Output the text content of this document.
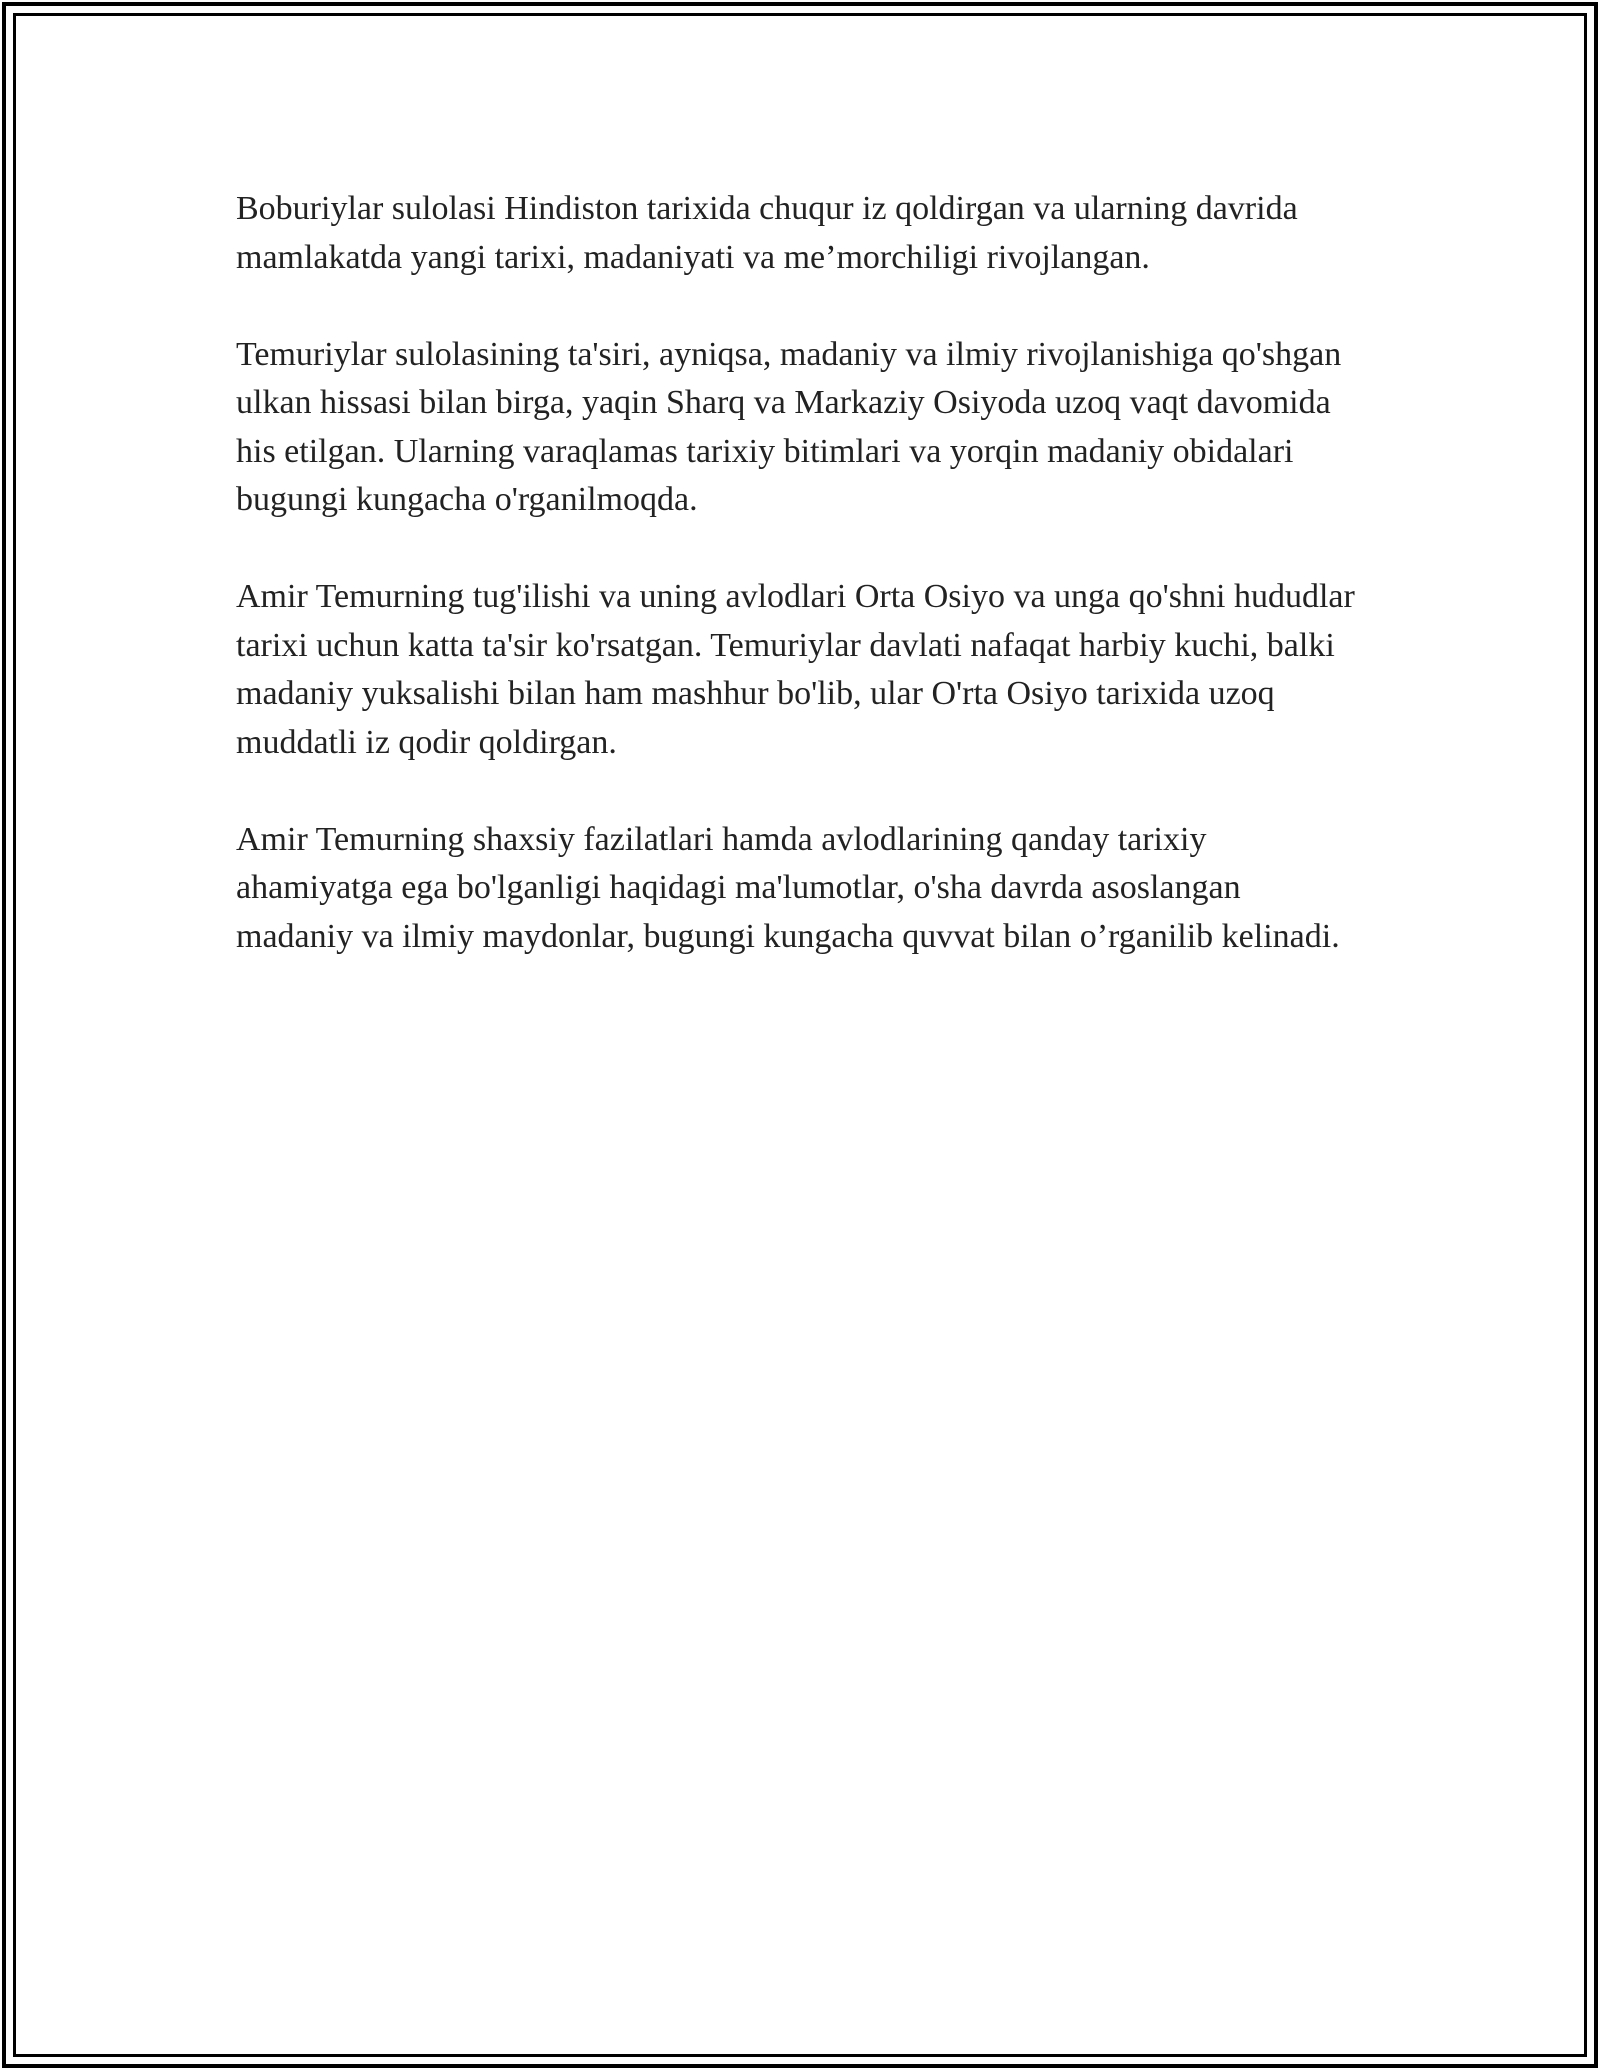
Boburiylar sulolasi Hindiston tarixida chuqur iz qoldirgan va ularning davrida mamlakatda yangi tarixi, madaniyati va me’morchiligi rivojlangan.

Temuriylar sulolasining ta'siri, ayniqsa, madaniy va ilmiy rivojlanishiga qo'shgan ulkan hissasi bilan birga, yaqin Sharq va Markaziy Osiyoda uzoq vaqt davomida his etilgan. Ularning varaqlamas tarixiy bitimlari va yorqin madaniy obidalari bugungi kungacha o'rganilmoqda.

Amir Temurning tug'ilishi va uning avlodlari Orta Osiyo va unga qo'shni hududlar tarixi uchun katta ta'sir ko'rsatgan. Temuriylar davlati nafaqat harbiy kuchi, balki madaniy yuksalishi bilan ham mashhur bo'lib, ular O'rta Osiyo tarixida uzoq muddatli iz qodir qoldirgan.

Amir Temurning shaxsiy fazilatlari hamda avlodlarining qanday tarixiy ahamiyatga ega bo'lganligi haqidagi ma'lumotlar, o'sha davrda asoslangan madaniy va ilmiy maydonlar, bugungi kungacha quvvat bilan o’rganilib kelinadi.
